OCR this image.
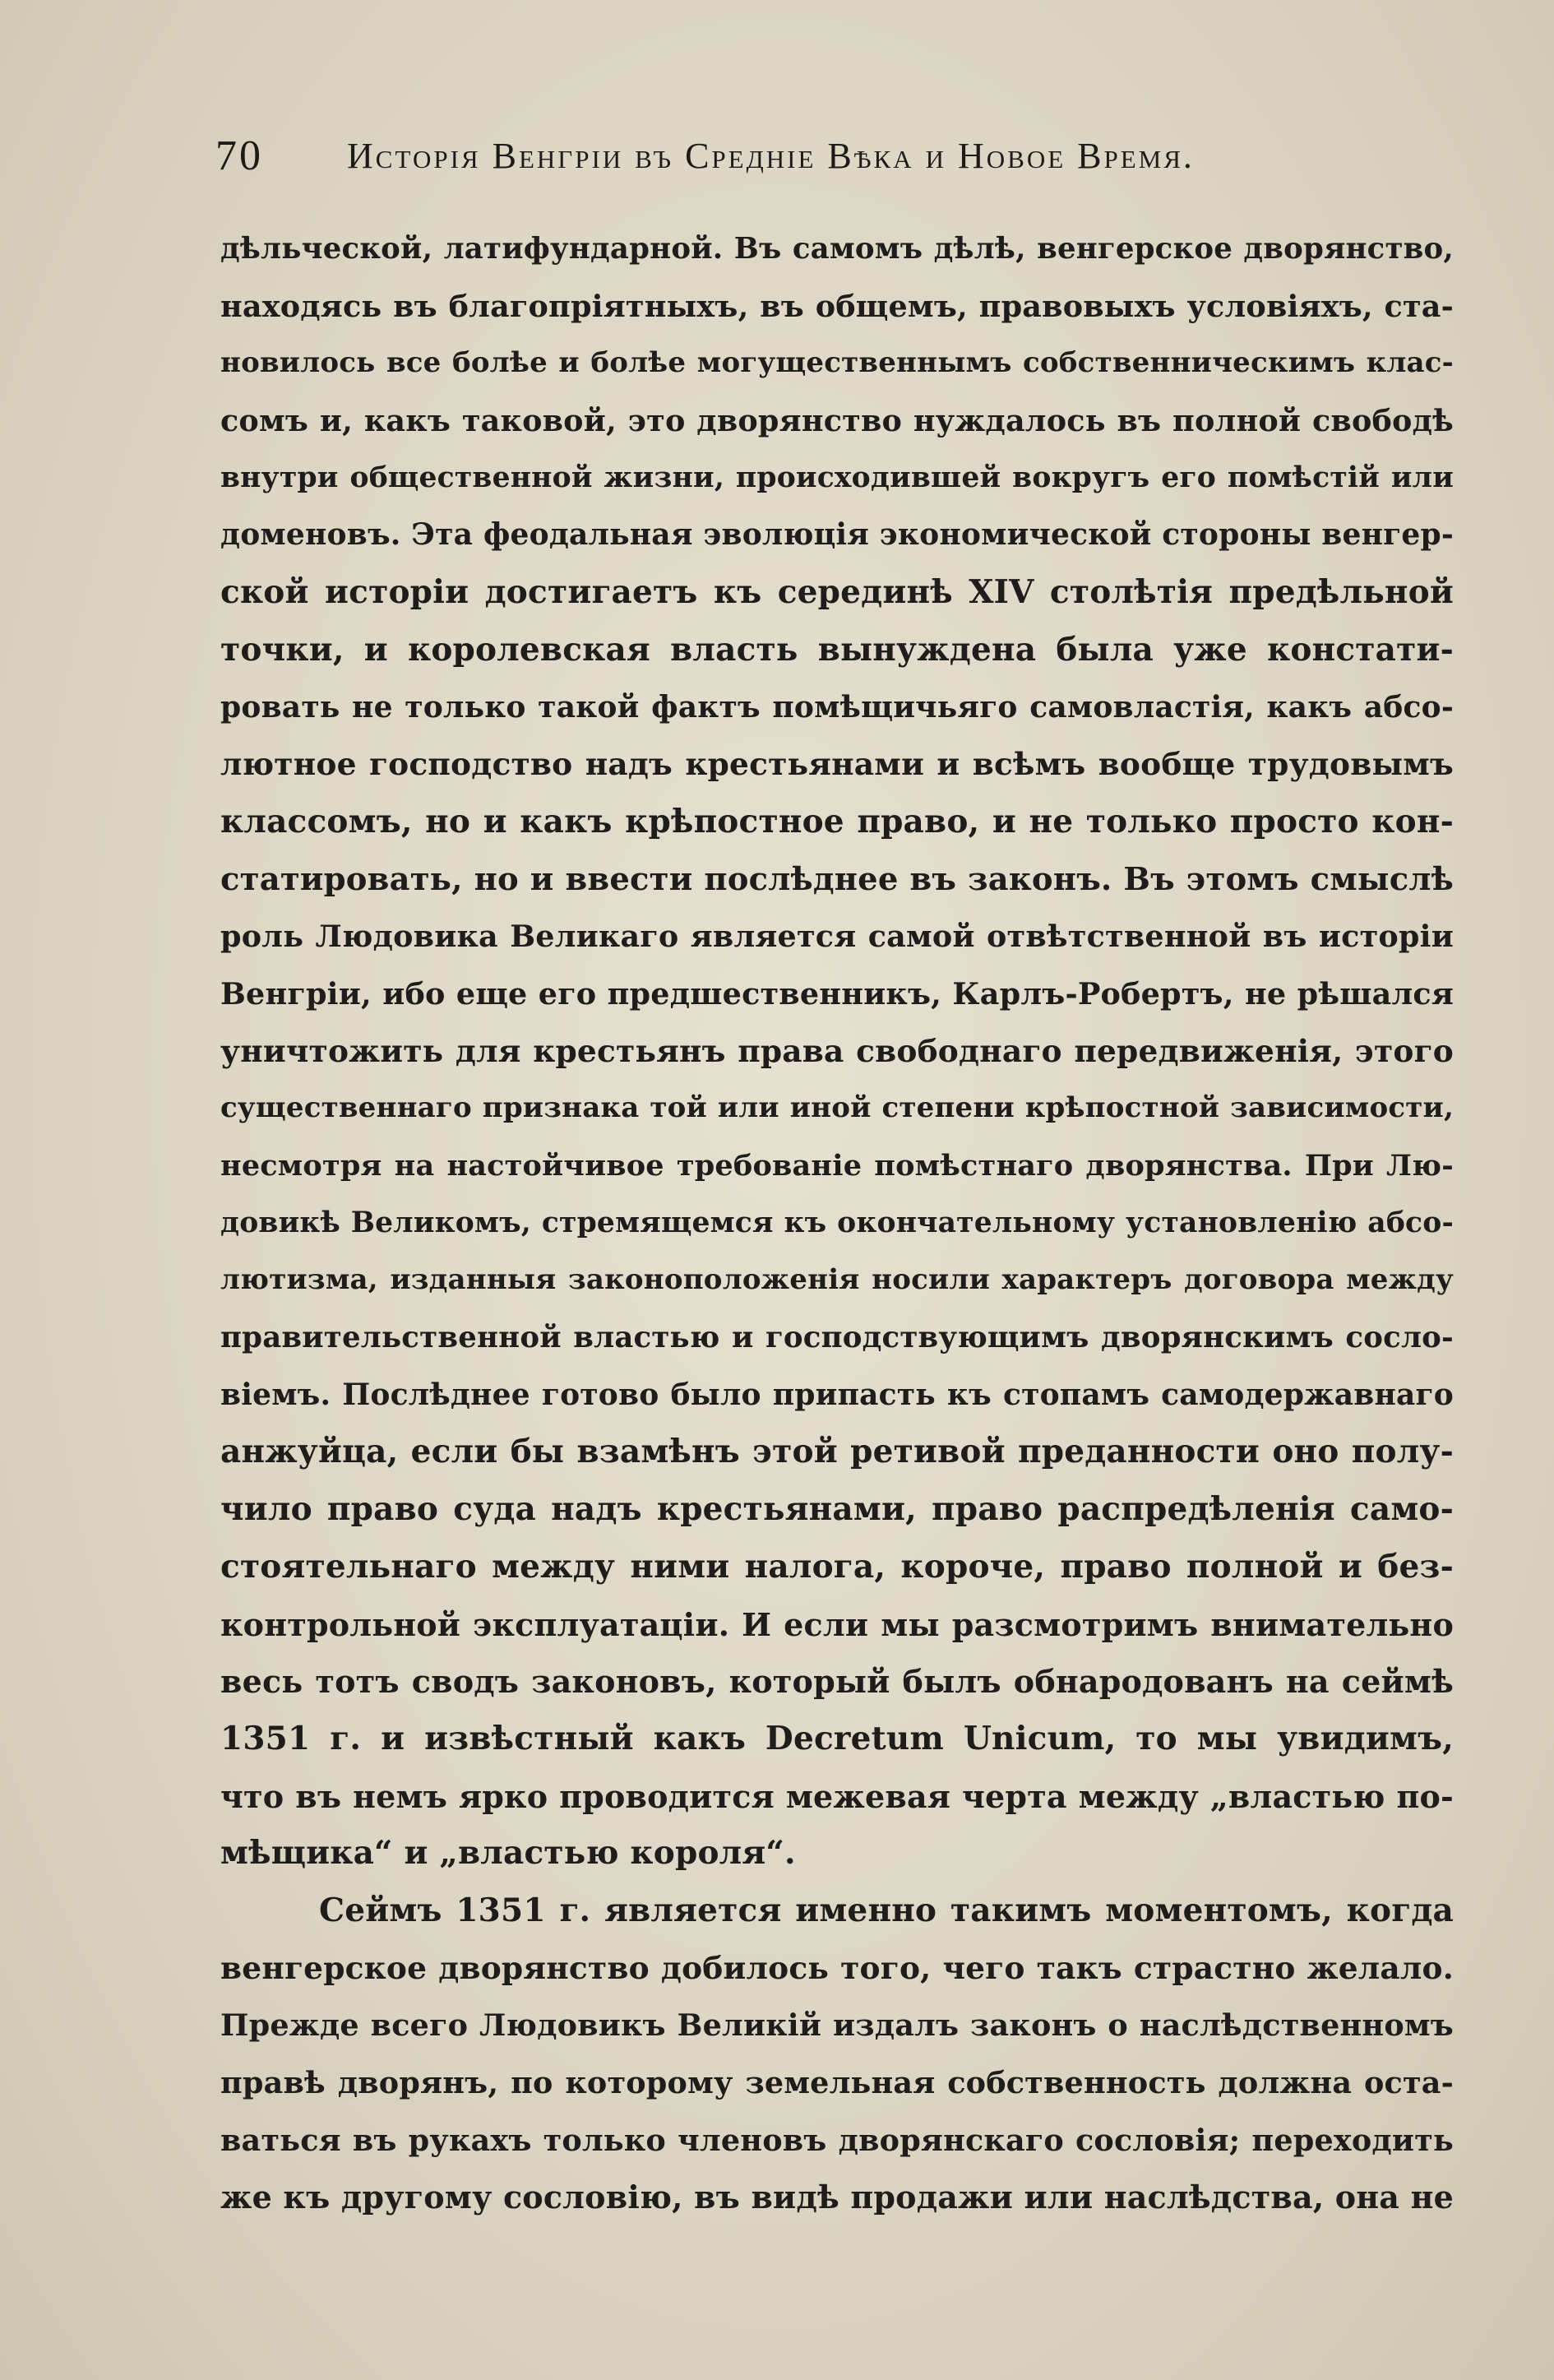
70 Исторія Венгріи въ Средніе Вѣка и Новое Время.
дѣльческой, латифундарной. Въ самомъ дѣлѣ, венгерское дворянство,
находясь въ благопріятныхъ, въ общемъ, правовыхъ условіяхъ, ста-
новилось все болѣе и болѣе могущественнымъ собственническимъ клас-
сомъ и, какъ таковой, это дворянство нуждалось въ полной свободѣ
внутри общественной жизни, происходившей вокругъ его помѣстій или
доменовъ. Эта феодальная эволюція экономической стороны венгер-
ской исторіи достигаетъ къ серединѣ XIV столѣтія предѣльной
точки, и королевская власть вынуждена была уже констати-
ровать не только такой фактъ помѣщичьяго самовластія, какъ абсо-
лютное господство надъ крестьянами и всѣмъ вообще трудовымъ
классомъ, но и какъ крѣпостное право, и не только просто кон-
статировать, но и ввести послѣднее въ законъ. Въ этомъ смыслѣ
роль Людовика Великаго является самой отвѣтственной въ исторіи
Венгріи, ибо еще его предшественникъ, Карлъ-Робертъ, не рѣшался
уничтожить для крестьянъ права свободнаго передвиженія, этого
существеннаго признака той или иной степени крѣпостной зависимости,
несмотря на настойчивое требованіе помѣстнаго дворянства. При Лю-
довикѣ Великомъ, стремящемся къ окончательному установленію абсо-
лютизма, изданныя законоположенія носили характеръ договора между
правительственной властью и господствующимъ дворянскимъ сосло-
віемъ. Послѣднее готово было припасть къ стопамъ самодержавнаго
анжуйца, если бы взамѣнъ этой ретивой преданности оно полу-
чило право суда надъ крестьянами, право распредѣленія само-
стоятельнаго между ними налога, короче, право полной и без-
контрольной эксплуатаціи. И если мы разсмотримъ внимательно
весь тотъ сводъ законовъ, который былъ обнародованъ на сеймѣ
1351 г. и извѣстный какъ Decretum Unicum, то мы увидимъ,
что въ немъ ярко проводится межевая черта между „властью по-
мѣщика“ и „властью короля“.
Сеймъ 1351 г. является именно такимъ моментомъ, когда
венгерское дворянство добилось того, чего такъ страстно желало.
Прежде всего Людовикъ Великій издалъ законъ о наслѣдственномъ
правѣ дворянъ, по которому земельная собственность должна оста-
ваться въ рукахъ только членовъ дворянскаго сословія; переходить
же къ другому сословію, въ видѣ продажи или наслѣдства, она не
